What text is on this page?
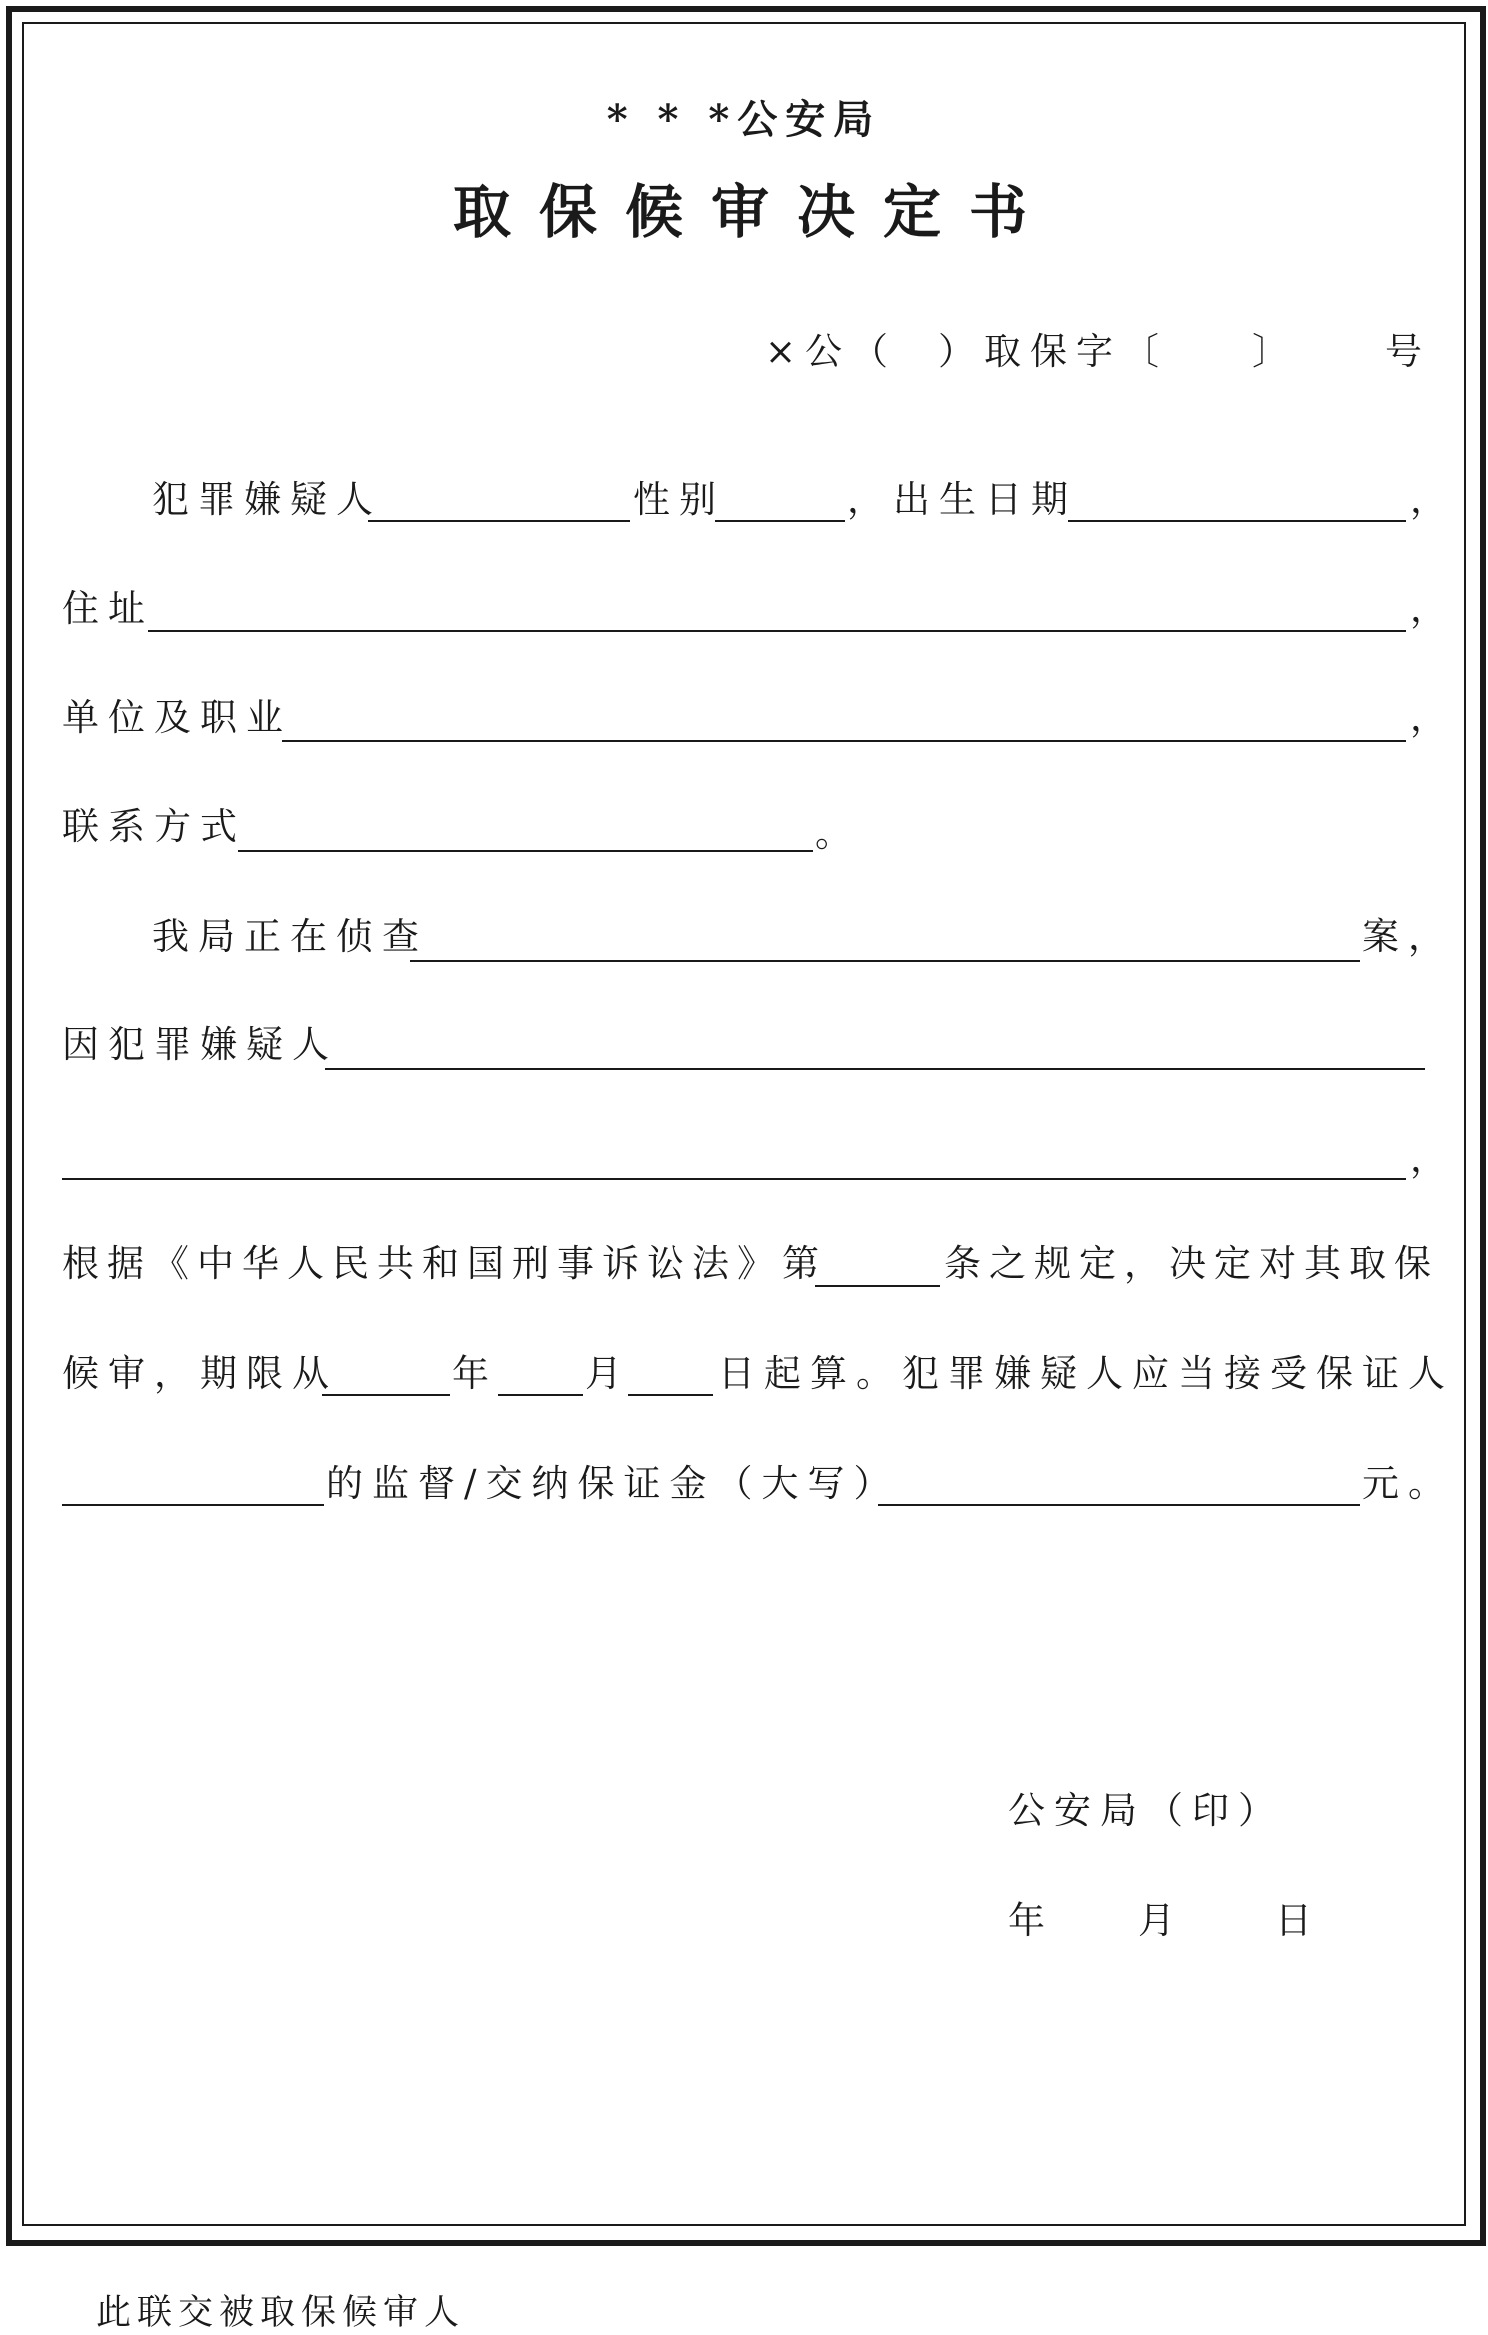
* * *公安局
取保候审决定书
×公（ ）取保字〔 〕 号
犯罪嫌疑人	性别	，出生日期	，
住址	，
单位及职业	，
联系方式	。
我局正在侦查	案，
因犯罪嫌疑人
，
根据《中华人民共和国刑事诉讼法》第	条之规定，决定对其取保
候审，期限从	年 月 日起算。犯罪嫌疑人应当接受保证人
的监督/交纳保证金（大写）	元。
公安局（印）
年 月 日
此联交被取保候审人
